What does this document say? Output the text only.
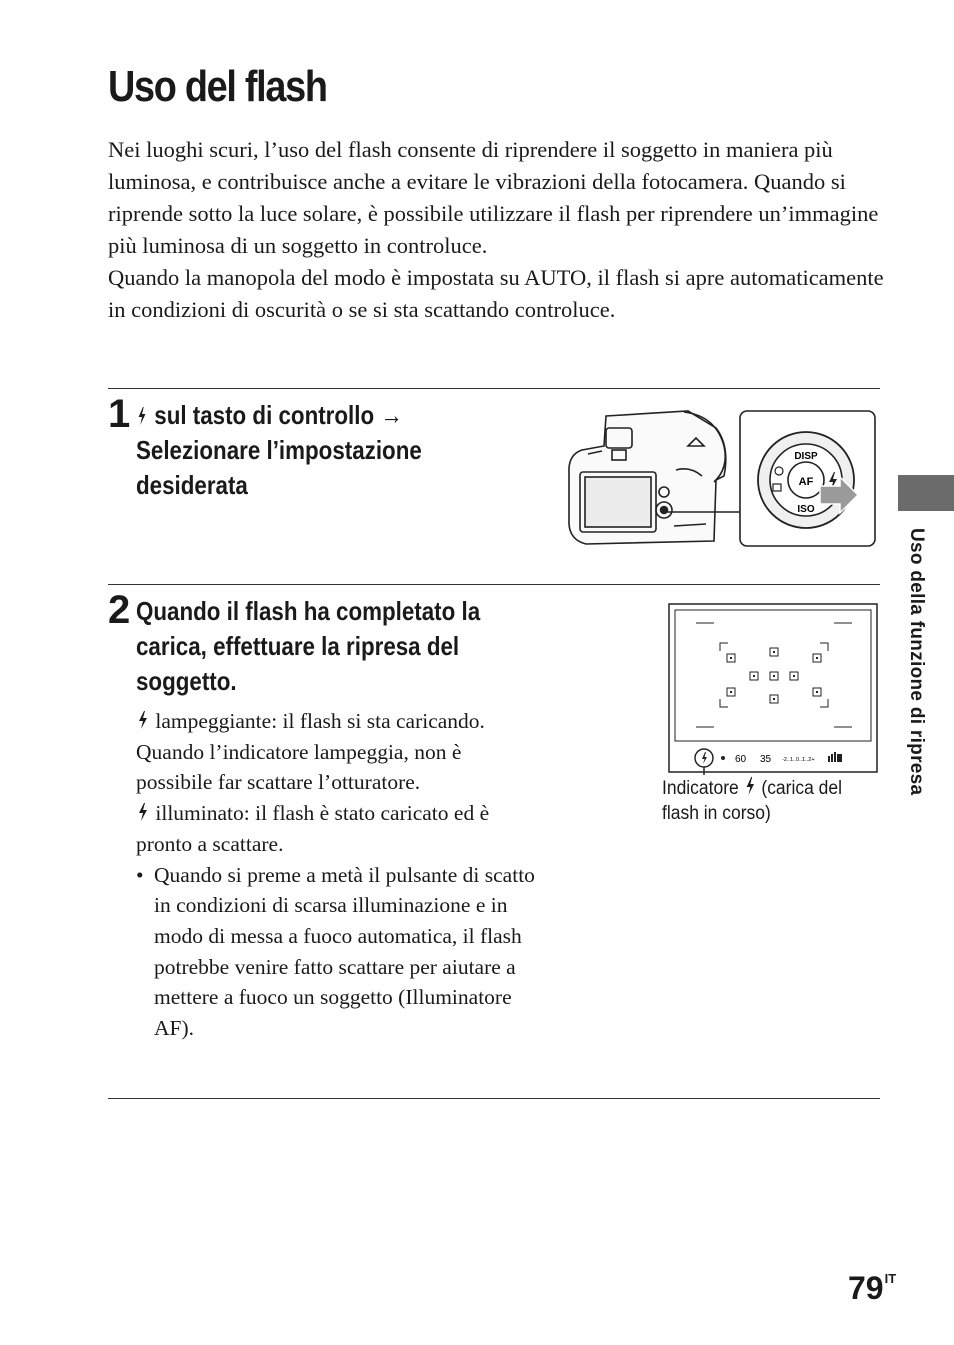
Uso del flash

Nei luoghi scuri, l’uso del flash consente di riprendere il soggetto in maniera più luminosa, e contribuisce anche a evitare le vibrazioni della fotocamera. Quando si riprende sotto la luce solare, è possibile utilizzare il flash per riprendere un’immagine più luminosa di un soggetto in controluce.

Quando la manopola del modo è impostata su AUTO, il flash si apre automaticamente in condizioni di oscurità o se si sta scattando controluce.

1 sul tasto di controllo →
Selezionare l’impostazione
desiderata
DISP
AF
ISO
2 Quando il flash ha completato la
carica, effettuare la ripresa del
soggetto.

lampeggiante: il flash si sta caricando. Quando l’indicatore lampeggia, non è possibile far scattare l’otturatore.

illuminato: il flash è stato caricato ed è pronto a scattare.

• Quando si preme a metà il pulsante di scatto in condizioni di scarsa illuminazione e in modo di messa a fuoco automatica, il flash potrebbe venire fatto scattare per aiutare a mettere a fuoco un soggetto (Illuminatore AF).

60 35 -2..1..0..1..2+
Indicatore  (carica del flash in corso)
Uso della funzione di ripresa
$79^{IT}$
